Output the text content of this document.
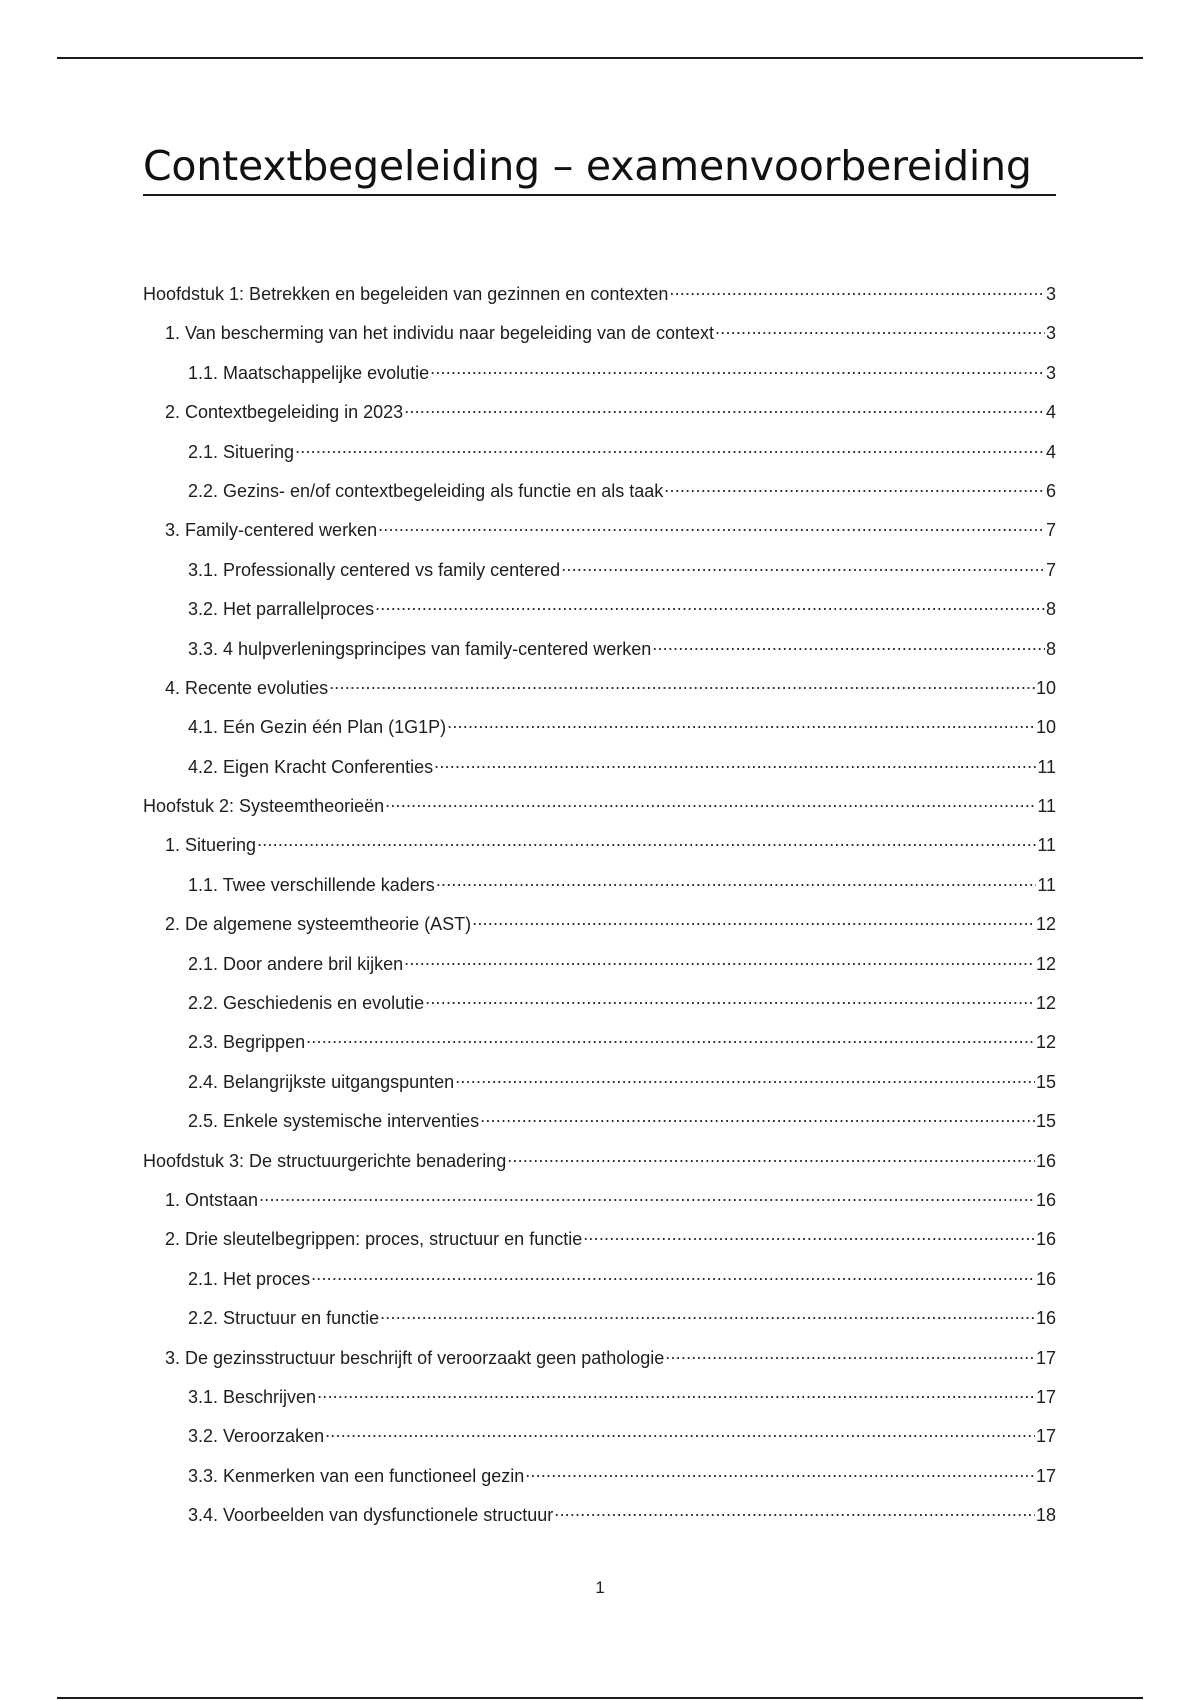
Contextbegeleiding – examenvoorbereiding
Hoofdstuk 1: Betrekken en begeleiden van gezinnen en contexten .....	3
1. Van bescherming van het individu naar begeleiding van de context .....	3
1.1. Maatschappelijke evolutie .....	3
2. Contextbegeleiding in 2023 .....	4
2.1. Situering .....	4
2.2. Gezins- en/of contextbegeleiding als functie en als taak .....	6
3. Family-centered werken .....	7
3.1. Professionally centered vs family centered .....	7
3.2. Het parrallelproces .....	8
3.3. 4 hulpverleningsprincipes van family-centered werken .....	8
4. Recente evoluties .....	10
4.1. Eén Gezin één Plan (1G1P) .....	10
4.2. Eigen Kracht Conferenties .....	11
Hoofstuk 2: Systeemtheorieën .....	11
1. Situering .....	11
1.1. Twee verschillende kaders .....	11
2. De algemene systeemtheorie (AST) .....	12
2.1. Door andere bril kijken .....	12
2.2. Geschiedenis en evolutie .....	12
2.3. Begrippen .....	12
2.4. Belangrijkste uitgangspunten .....	15
2.5. Enkele systemische interventies .....	15
Hoofdstuk 3: De structuurgerichte benadering .....	16
1. Ontstaan .....	16
2. Drie sleutelbegrippen: proces, structuur en functie .....	16
2.1. Het proces .....	16
2.2. Structuur en functie .....	16
3. De gezinsstructuur beschrijft of veroorzaakt geen pathologie .....	17
3.1. Beschrijven .....	17
3.2. Veroorzaken .....	17
3.3. Kenmerken van een functioneel gezin .....	17
3.4. Voorbeelden van dysfunctionele structuur .....	18
1
